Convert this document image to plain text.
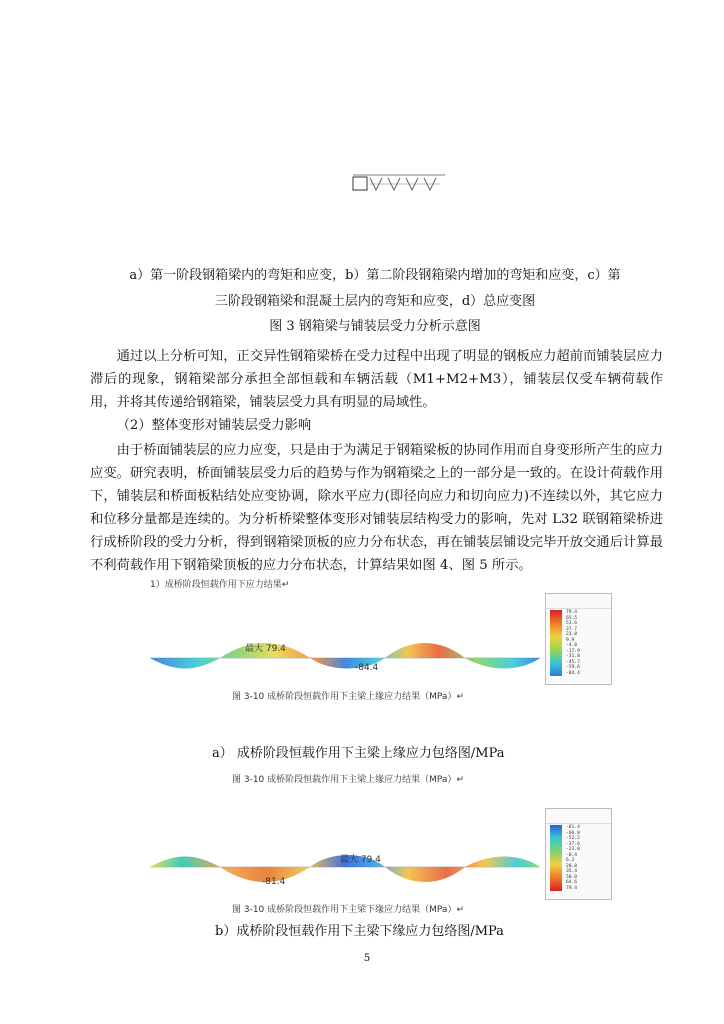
a）第一阶段钢箱梁内的弯矩和应变，b）第二阶段钢箱梁内增加的弯矩和应变，c）第
三阶段钢箱梁和混凝土层内的弯矩和应变，d）总应变图
图 3 钢箱梁与铺装层受力分析示意图

通过以上分析可知，正交异性钢箱梁桥在受力过程中出现了明显的钢板应力超前而铺装层应力滞后的现象，钢箱梁部分承担全部恒载和车辆活载（M1+M2+M3），铺装层仅受车辆荷载作用，并将其传递给钢箱梁，铺装层受力具有明显的局域性。

（2）整体变形对铺装层受力影响

由于桥面铺装层的应力应变，只是由于为满足于钢箱梁板的协同作用而自身变形所产生的应力应变。研究表明，桥面铺装层受力后的趋势与作为钢箱梁之上的一部分是一致的。在设计荷载作用下，铺装层和桥面板粘结处应变协调，除水平应力(即径向应力和切向应力)不连续以外，其它应力和位移分量都是连续的。为分析桥梁整体变形对铺装层结构受力的影响，先对 L32 联钢箱梁桥进行成桥阶段的受力分析，得到钢箱梁顶板的应力分布状态，再在铺装层铺设完毕开放交通后计算最不利荷载作用下钢箱梁顶板的应力分布状态，计算结果如图 4、图 5 所示。

1）成桥阶段恒载作用下应力结果↵
最大 79.4
-84.4
79.4
65.5
51.6
37.7
23.8
9.9
-4.0
-17.9
-31.8
-45.7
-59.6
-84.4
图 3-10 成桥阶段恒载作用下主梁上缘应力结果（MPa）↵
a） 成桥阶段恒载作用下主梁上缘应力包络图/MPa
图 3-10 成桥阶段恒载作用下主梁上缘应力结果（MPa）↵
最大 79.4
-81.4
-81.4
-66.8
-52.2
-37.6
-23.0
-8.4
6.2
20.8
35.4
50.0
64.6
79.4
图 3-10 成桥阶段恒载作用下主梁下缘应力结果（MPa）↵
b）成桥阶段恒载作用下主梁下缘应力包络图/MPa
5
